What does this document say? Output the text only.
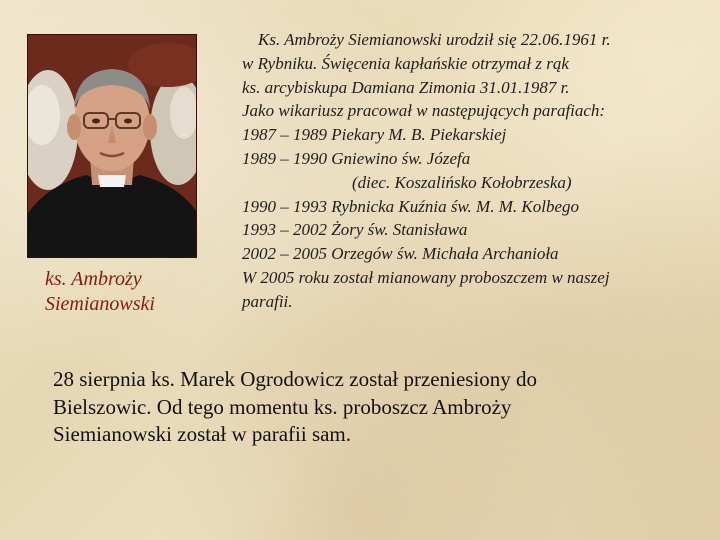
ks. Ambroży
Siemianowski
Ks. Ambroży Siemianowski urodził się 22.06.1961 r.
w Rybniku. Święcenia kapłańskie otrzymał z rąk
ks. arcybiskupa Damiana Zimonia 31.01.1987 r.
Jako wikariusz pracował w następujących parafiach:
1987 – 1989 Piekary M. B. Piekarskiej
1989 – 1990 Gniewino św. Józefa
(diec. Koszalińsko Kołobrzeska)
1990 – 1993 Rybnicka Kuźnia św. M. M. Kolbego
1993 – 2002 Żory św. Stanisława
2002 – 2005 Orzegów św. Michała Archanioła
W 2005 roku został mianowany proboszczem w naszej
parafii.
28 sierpnia ks. Marek Ogrodowicz został przeniesiony do
Bielszowic. Od tego momentu ks. proboszcz Ambroży
Siemianowski został w parafii sam.
